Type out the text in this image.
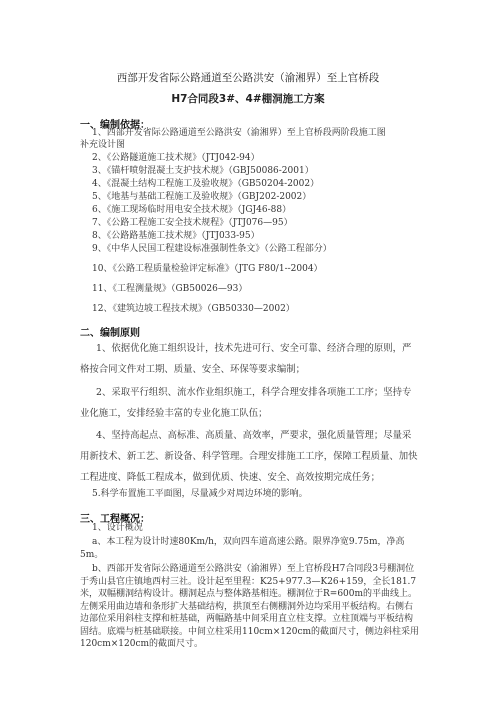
西部开发省际公路通道至公路洪安（渝湘界）至上官桥段
H7合同段3#、4#棚洞施工方案
一、编制依据：
1、西部开发省际公路通道至公路洪安（渝湘界）至上官桥段两阶段施工图
补充设计图
2、《公路隧道施工技术规》（JTJ042-94）
3、《锚杆喷射混凝土支护技术规》（GBJ50086-2001）
4、《混凝土结构工程施工及验收规》（GB50204-2002）
5、《地基与基础工程施工及验收规》（GBJ202-2002）
6、《施工现场临时用电安全技术规》（JGJ46-88）
7、《公路工程施工安全技术规程》（JTJ076—95）
8、《公路路基施工技术规》（JTJ033-95）
9、《中华人民国工程建设标准强制性条文》（公路工程部分）
10、《公路工程质量检验评定标准》（JTG F80/1--2004）
11、《工程测量规》（GB50026—93）
12、《建筑边坡工程技术规》（GB50330—2002）
二、编制原则
1、依据优化施工组织设计，技术先进可行、安全可靠、经济合理的原则，严格按合同文件对工期、质量、安全、环保等要求编制；
2、采取平行组织、流水作业组织施工，科学合理安排各项施工工序；坚持专业化施工，安排经验丰富的专业化施工队伍；
4、坚持高起点、高标准、高质量、高效率，严要求，强化质量管理；尽量采用新技术、新工艺、新设备、科学管理。合理安排施工工序，保障工程质量、加快工程进度、降低工程成本，做到优质、快速、安全、高效按期完成任务；
5.科学布置施工平面图，尽量减少对周边环境的影响。
三、工程概况：
1、设计概况
a、本工程为设计时速80Km/h，双向四车道高速公路。限界净宽9.75m，净高5m。
b、西部开发省际公路通道至公路洪安（渝湘界）至上官桥段H7合同段3号棚洞位于秀山县官庄镇地西村三社。设计起至里程：K25+977.3—K26+159，全长181.7米，双幅棚洞结构设计。棚洞起点与整体路基相连。棚洞位于R=600m的平曲线上。左侧采用曲边墙和条形扩大基础结构，拱顶至右侧棚洞外边均采用平板结构。右侧右边部位采用斜柱支撑和桩基础，两幅路基中间采用直立柱支撑。立柱顶端与平板结构固结。底端与桩基础联接。中间立柱采用110cm×120cm的截面尺寸，侧边斜柱采用120cm×120cm的截面尺寸。
